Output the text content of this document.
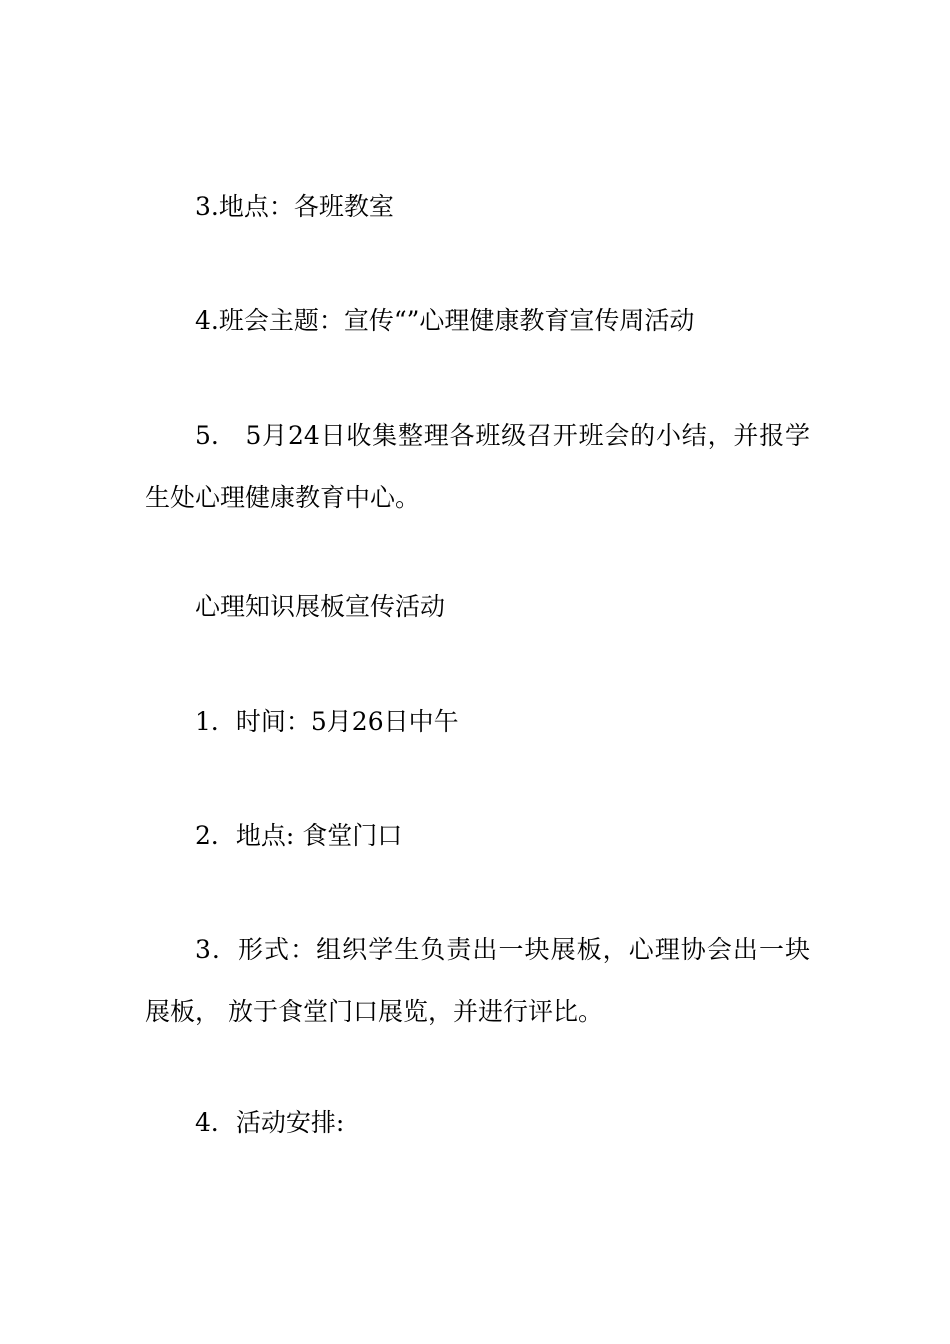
3.地点：各班教室

4.班会主题：宣传“”心理健康教育宣传周活动

5.　5月24日收集整理各班级召开班会的小结，并报学生处心理健康教育中心。

心理知识展板宣传活动

1．时间：5月26日中午

2．地点: 食堂门口

3．形式：组织学生负责出一块展板，心理协会出一块展板， 放于食堂门口展览，并进行评比。

4．活动安排:
